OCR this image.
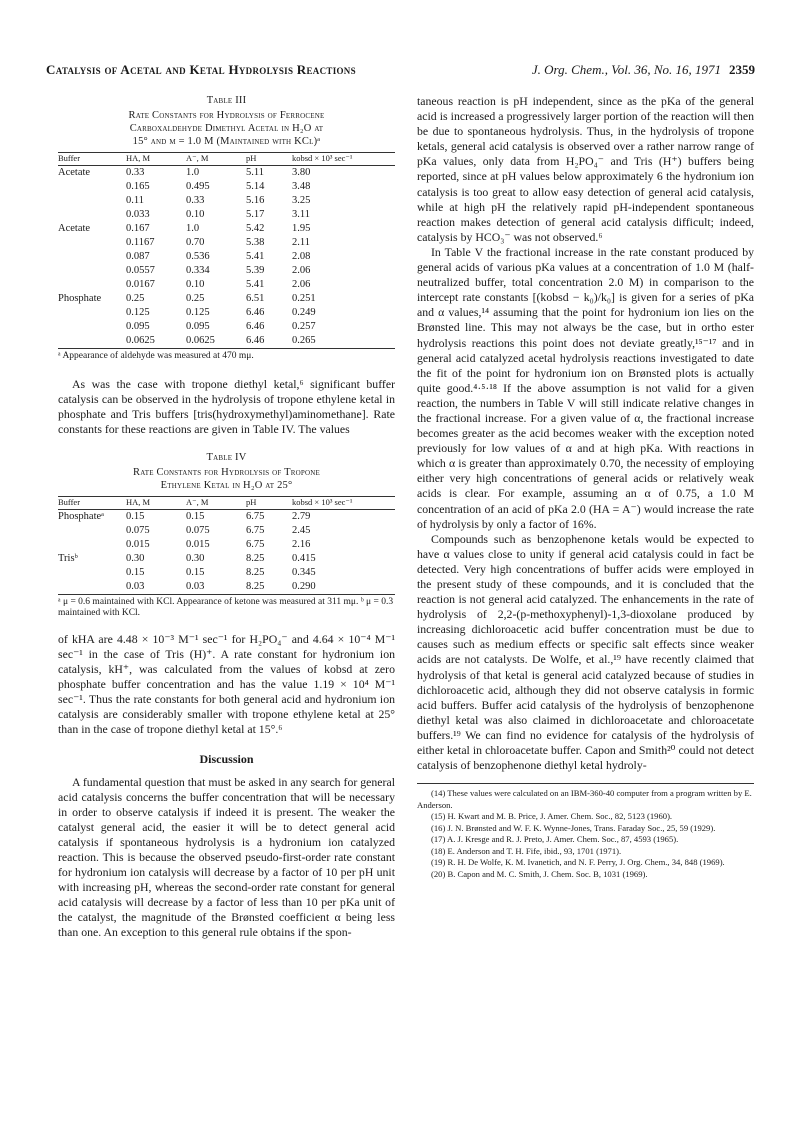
Catalysis of Acetal and Ketal Hydrolysis Reactions	J. Org. Chem., Vol. 36, No. 16, 1971 2359
Table III
Rate Constants for Hydrolysis of Ferrocene
Carboxaldehyde Dimethyl Acetal in H₂O at
15° and μ = 1.0 M (Maintained with KCl)ᵃ
Buffer	HA, M	A⁻, M	pH	kobsd × 10³ sec⁻¹
Acetate	0.33	1.0	5.11	3.80
	0.165	0.495	5.14	3.48
	0.11	0.33	5.16	3.25
	0.033	0.10	5.17	3.11
Acetate	0.167	1.0	5.42	1.95
	0.1167	0.70	5.38	2.11
	0.087	0.536	5.41	2.08
	0.0557	0.334	5.39	2.06
	0.0167	0.10	5.41	2.06
Phosphate	0.25	0.25	6.51	0.251
	0.125	0.125	6.46	0.249
	0.095	0.095	6.46	0.257
	0.0625	0.0625	6.46	0.265
ᵃ Appearance of aldehyde was measured at 470 mμ.

As was the case with tropone diethyl ketal,⁶ significant buffer catalysis can be observed in the hydrolysis of tropone ethylene ketal in phosphate and Tris buffers [tris(hydroxymethyl)aminomethane]. Rate constants for these reactions are given in Table IV. The values

Table IV
Rate Constants for Hydrolysis of Tropone
Ethylene Ketal in H₂O at 25°
Buffer	HA, M	A⁻, M	pH	kobsd × 10³ sec⁻¹
Phosphateᵃ	0.15	0.15	6.75	2.79
	0.075	0.075	6.75	2.45
	0.015	0.015	6.75	2.16
Trisᵇ	0.30	0.30	8.25	0.415
	0.15	0.15	8.25	0.345
	0.03	0.03	8.25	0.290
ᵃ μ = 0.6 maintained with KCl. Appearance of ketone was measured at 311 mμ. ᵇ μ = 0.3 maintained with KCl.

of kHA are 4.48 × 10⁻³ M⁻¹ sec⁻¹ for H₂PO₄⁻ and 4.64 × 10⁻⁴ M⁻¹ sec⁻¹ in the case of Tris (H)⁺. A rate constant for hydronium ion catalysis, kH⁺, was calculated from the values of kobsd at zero phosphate buffer concentration and has the value 1.19 × 10⁴ M⁻¹ sec⁻¹. Thus the rate constants for both general acid and hydronium ion catalysis are considerably smaller with tropone ethylene ketal at 25° than in the case of tropone diethyl ketal at 15°.⁶

Discussion

A fundamental question that must be asked in any search for general acid catalysis concerns the buffer concentration that will be necessary in order to observe catalysis if indeed it is present. The weaker the catalyst general acid, the easier it will be to detect general acid catalysis if spontaneous hydrolysis is a hydronium ion catalyzed reaction. This is because the observed pseudo-first-order rate constant for hydronium ion catalysis will decrease by a factor of 10 per pH unit with increasing pH, whereas the second-order rate constant for general acid catalysis will decrease by a factor of less than 10 per pKa unit of the catalyst, the magnitude of the Brønsted coefficient α being less than one. An exception to this general rule obtains if the spon-

taneous reaction is pH independent, since as the pKa of the general acid is increased a progressively larger portion of the reaction will then be due to spontaneous hydrolysis. Thus, in the hydrolysis of tropone ketals, general acid catalysis is observed over a rather narrow range of pKa values, only data from H₂PO₄⁻ and Tris (H⁺) buffers being reported, since at pH values below approximately 6 the hydronium ion catalysis is too great to allow easy detection of general acid catalysis, while at high pH the relatively rapid pH-independent spontaneous reaction makes detection of general acid catalysis difficult; indeed, catalysis by HCO₃⁻ was not observed.⁶

In Table V the fractional increase in the rate constant produced by general acids of various pKa values at a concentration of 1.0 M (half-neutralized buffer, total concentration 2.0 M) in comparison to the intercept rate constants [(kobsd − k₀)/k₀] is given for a series of pKa and α values,¹⁴ assuming that the point for hydronium ion lies on the Brønsted line. This may not always be the case, but in ortho ester hydrolysis reactions this point does not deviate greatly,¹⁵⁻¹⁷ and in general acid catalyzed acetal hydrolysis reactions investigated to date the fit of the point for hydronium ion on Brønsted plots is actually quite good.⁴·⁵·¹⁸ If the above assumption is not valid for a given reaction, the numbers in Table V will still indicate relative changes in the fractional increase. For a given value of α, the fractional increase becomes greater as the acid becomes weaker with the exception noted previously for low values of α and at high pKa. With reactions in which α is greater than approximately 0.70, the necessity of employing either very high concentrations of general acids or relatively weak acids is clear. For example, assuming an α of 0.75, a 1.0 M concentration of an acid of pKa 2.0 (HA = A⁻) would increase the rate of hydrolysis by only a factor of 16%.

Compounds such as benzophenone ketals would be expected to have α values close to unity if general acid catalysis could in fact be detected. Very high concentrations of buffer acids were employed in the present study of these compounds, and it is concluded that the reaction is not general acid catalyzed. The enhancements in the rate of hydrolysis of 2,2-(p-methoxyphenyl)-1,3-dioxolane produced by increasing dichloroacetic acid buffer concentration must be due to causes such as medium effects or specific salt effects since weaker acids are not catalysts. De Wolfe, et al.,¹⁹ have recently claimed that hydrolysis of that ketal is general acid catalyzed because of studies in dichloroacetic acid, although they did not observe catalysis in formic acid buffers. Buffer acid catalysis of the hydrolysis of benzophenone diethyl ketal was also claimed in dichloroacetate and chloroacetate buffers.¹⁹ We can find no evidence for catalysis of the hydrolysis of either ketal in chloroacetate buffer. Capon and Smith²⁰ could not detect catalysis of benzophenone diethyl ketal hydroly-

(14) These values were calculated on an IBM-360-40 computer from a program written by E. Anderson.
(15) H. Kwart and M. B. Price, J. Amer. Chem. Soc., 82, 5123 (1960).
(16) J. N. Brønsted and W. F. K. Wynne-Jones, Trans. Faraday Soc., 25, 59 (1929).
(17) A. J. Kresge and R. J. Preto, J. Amer. Chem. Soc., 87, 4593 (1965).
(18) E. Anderson and T. H. Fife, ibid., 93, 1701 (1971).
(19) R. H. De Wolfe, K. M. Ivanetich, and N. F. Perry, J. Org. Chem., 34, 848 (1969).
(20) B. Capon and M. C. Smith, J. Chem. Soc. B, 1031 (1969).
